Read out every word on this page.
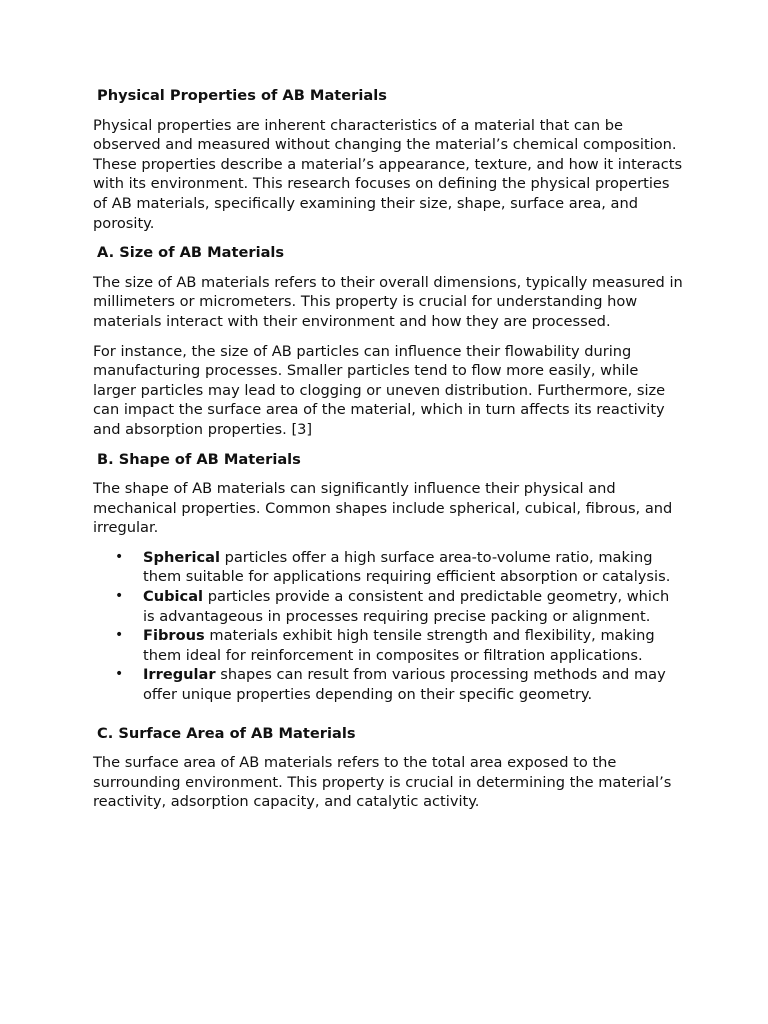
Physical Properties of AB Materials

Physical properties are inherent characteristics of a material that can be observed and measured without changing the material’s chemical composition. These properties describe a material’s appearance, texture, and how it interacts with its environment. This research focuses on defining the physical properties of AB materials, specifically examining their size, shape, surface area, and porosity.

A. Size of AB Materials

The size of AB materials refers to their overall dimensions, typically measured in millimeters or micrometers. This property is crucial for understanding how materials interact with their environment and how they are processed.

For instance, the size of AB particles can influence their flowability during manufacturing processes. Smaller particles tend to flow more easily, while larger particles may lead to clogging or uneven distribution. Furthermore, size can impact the surface area of the material, which in turn affects its reactivity and absorption properties. [3]

B. Shape of AB Materials

The shape of AB materials can significantly influence their physical and mechanical properties. Common shapes include spherical, cubical, fibrous, and irregular.

• Spherical particles offer a high surface area-to-volume ratio, making them suitable for applications requiring efficient absorption or catalysis.
• Cubical particles provide a consistent and predictable geometry, which is advantageous in processes requiring precise packing or alignment.
• Fibrous materials exhibit high tensile strength and flexibility, making them ideal for reinforcement in composites or filtration applications.
• Irregular shapes can result from various processing methods and may offer unique properties depending on their specific geometry.

C. Surface Area of AB Materials

The surface area of AB materials refers to the total area exposed to the surrounding environment. This property is crucial in determining the material’s reactivity, adsorption capacity, and catalytic activity.
